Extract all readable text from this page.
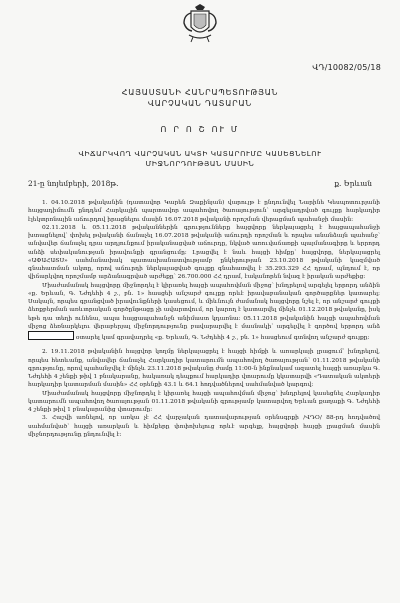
ՎԴ/10082/05/18
ՀԱՅԱՍՏԱՆԻ ՀԱՆՐԱՊԵՏՈՒԹՅԱՆ
ՎԱՐՉԱԿԱՆ ԴԱՏԱՐԱՆ
Ո Ր Ո Շ ՈՒ Մ
ՎԻՃԱՐԿՎՈՂ ՎԱՐՉԱԿԱՆ ԱԿՏԻ ԿԱՏԱՐՈՒՄԸ ԿԱՍԵՑՆԵԼՈՒ
ՄԻՋՆՈՐԴՈՒԹՅԱՆ ՄԱՍԻՆ
21-ը նոյեմբերի, 2018թ.	ք. Երևան

1. 04.10.2018 թվականին (դատավոր Կարեն Զաքինյան) վարույթ է ընդունվել Նարինե Կեսպոտուրյանի հայցադիմումն ընդդեմ Հարկային պարտավոր ապահովող ծառայություն՝ արգելադրված գույքը հարկադիր էլեկտրոնային աճուրդով իրացնելու մասին 16.07.2018 թվականի որոշման վերացման պահանջի մասին:

02.11.2018 և 05.11.2018 թվականներին գրությունները հայցվորը ներկայացրել է հայցապահանջի խտացնելով՝ փոխել թվականի ճանաչել 16.07.2018 թվականի աճուրդի որոշման և որպես անանձայն պահանջ՝ անվավեր ճանաչել դրա արդյունքում իրականացված աճուրդը, նկված առուվաճառքի պայմանագիրը և երրորդ անձի սեփականության իրավունքի գրանցումը: Լրացվել է նաև հայցի հիմքը՝ հայցվորը, ներկայացրել «ԱՓԱՀԱՏՍ» սահմանափակ պատասխանատվությամբ ընկերության 23.10.2018 թվականի կազմված գնահատման ակտը, որով աճուրդի ներկայացված գույքը գնահատվել է 35.293.329 ՀՀ դրամ, պնդում է, որ վիճարկվող որոշմամբ արձանագրված արժեքը՝ 26.700.000 ՀՀ դրամ, էականորեն նվազ է իրական արժեքից:

Միաժամանակ հայցվորը միջնորդել է կիրառել հայցի ապահովման միջոց՝ խնդրելով արգելել երրորդ անձին «ք. Երևան, Գ. Նժդեհի 4 շ., բն. 1» հասցեի անշարժ գույքը որևէ իրավաբանական գործարքներ կատարել: Սակայն, որպես գրանցված իրավունքների կասեցում, և միևնույն ժամանակ հայցվորը նշել է, որ անշարժ գույքի ձեռքբերման առևտրական գործընթացը չի ավարտվում, որ կարող է կատարվել մինչև 01.12.2018 թվականը, իսկ եթե դա տեղի ունենա, ապա հայցապահանջն անիմաստ կդառնա: 05.11.2018 թվականին հայցի ապահովման միջոց ձեռնարկելու վերաբերյալ միջնորդությունը բավարարվել է մասնակի՝ արգելվել է գործով երրորդ անձ  օտարել կամ գրավադրել «ք. Երևան, Գ. Նժդեհի 4 շ., բն. 1» հասցեում գտնվող անշարժ գույքը:

2. 19.11.2018 թվականին հայցվոր կողմը ներկայացրել է հայցի հիմքի և առարկայի լրացում՝ խնդրելով, որպես հետևանք, անվավեր ճանաչել Հարկադիր կատարումն ապահովող ծառայության՝ 01.11.2018 թվականի գրությունը, որով պահանջվել է մինչև 23.11.2018 թվականը ժամը 11:00-ն ինքնակամ ազատել հայցի առարկա Գ. Նժդեհի 4 շենքի թիվ 1 բնակարանը, հակառակ դեպքում հարկադիր վտարումը կկատարվի «Դատական ակտերի հարկադիր կատարման մասին» ՀՀ օրենքի 43.1 և 64.1 հոդվածներով սահմանված կարգով:

Միաժամանակ հայցվորը միջնորդել է կիրառել հայցի ապահովման միջոց՝ խնդրելով կասեցնել Հարկադիր կատարումն ապահովող ծառայության 01.11.2018 թվականի գրությամբ կատարվող Երևան քաղաքի Գ. Նժդեհի 4 շենքի թիվ 1 բնակարանից վտարումը:

3. Հաշվի առնելով, որ առկա չէ ՀՀ վարչական դատավարության օրենսգրքի /ՎԴՕ/ 88-րդ հոդվածով սահմանված՝ հայցի առարկան և հիմքերը փոփոխելուց որևէ արգելք, հայցվորի հայցի լրացման մասին միջնորդությունը ընդունվել է:
